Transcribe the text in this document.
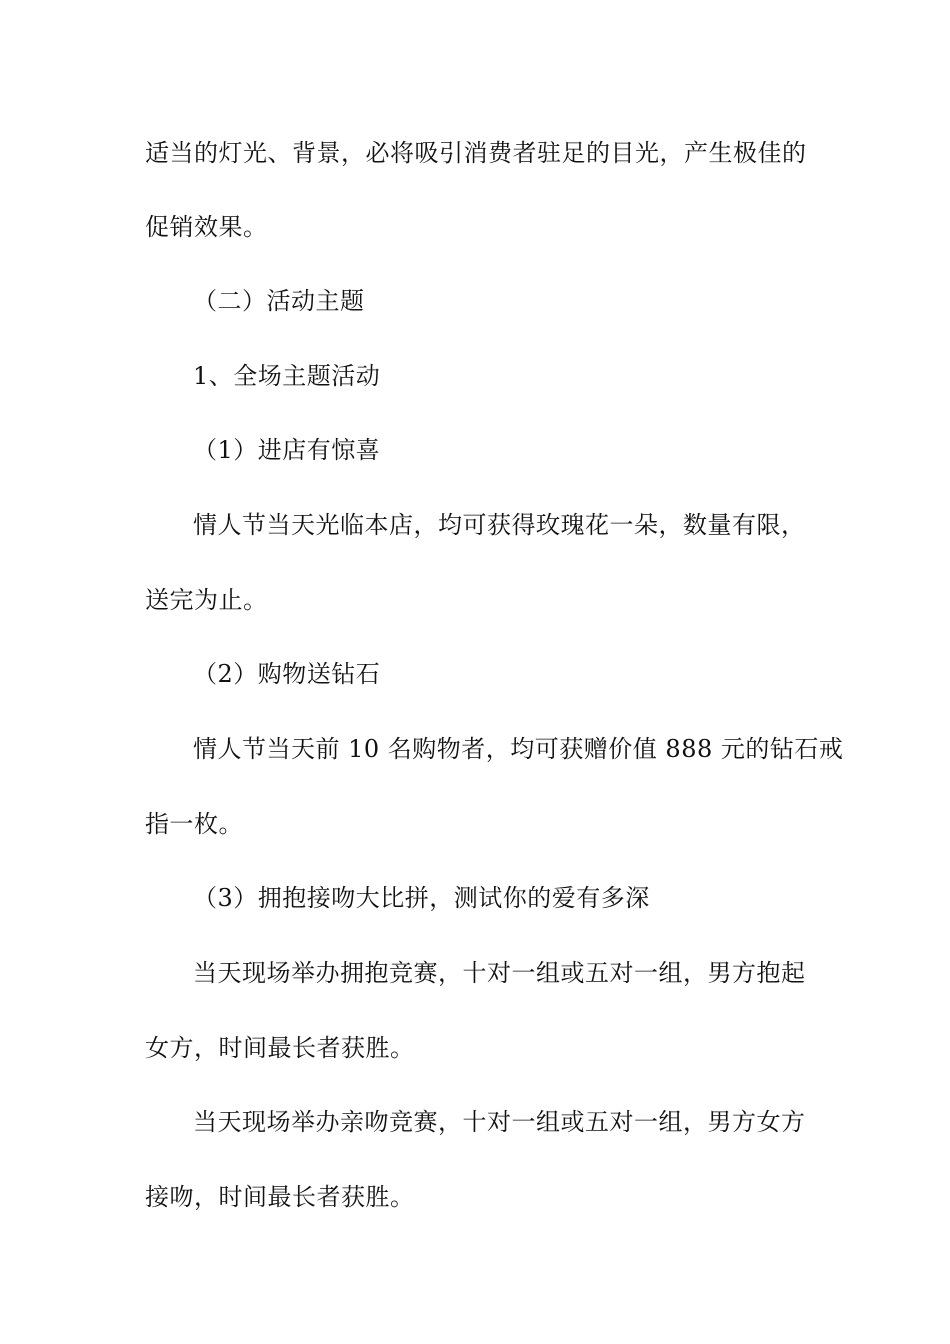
适当的灯光、背景，必将吸引消费者驻足的目光，产生极佳的
促销效果。
（二）活动主题
1、全场主题活动
（1）进店有惊喜
情人节当天光临本店，均可获得玫瑰花一朵，数量有限，
送完为止。
（2）购物送钻石
情人节当天前 10 名购物者，均可获赠价值 888 元的钻石戒
指一枚。
（3）拥抱接吻大比拼，测试你的爱有多深
当天现场举办拥抱竞赛，十对一组或五对一组，男方抱起
女方，时间最长者获胜。
当天现场举办亲吻竞赛，十对一组或五对一组，男方女方
接吻，时间最长者获胜。
